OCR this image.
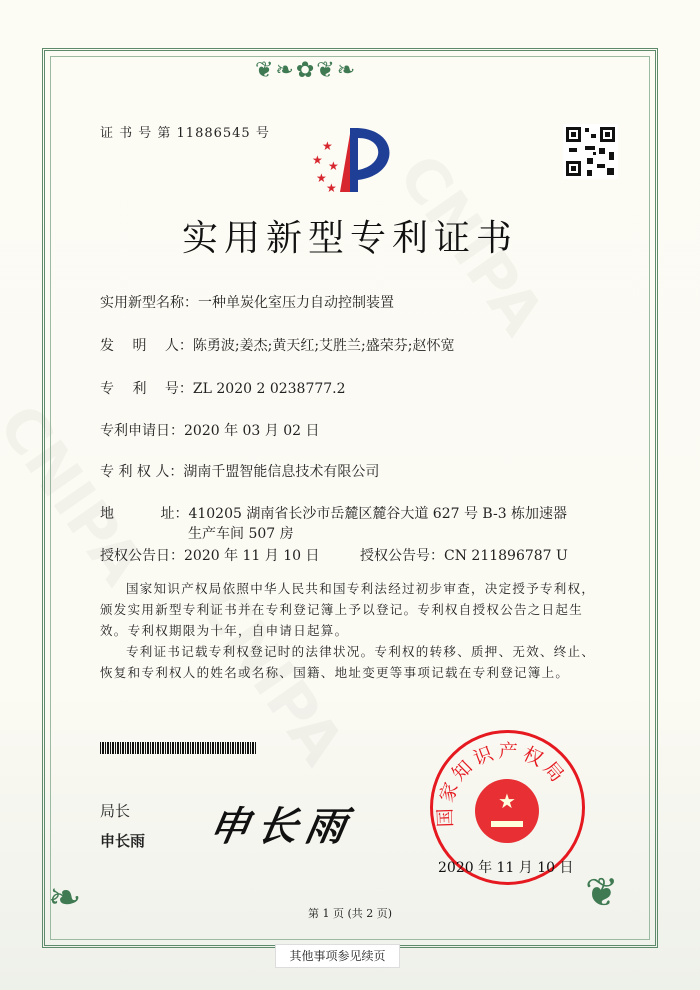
❦❧✿❦❧
❦
❧
证 书 号 第 11886545 号
★
★ ★
★
★
实用新型专利证书
实用新型名称：一种单炭化室压力自动控制装置
发　 明　 人：陈勇波;姜杰;黄天红;艾胜兰;盛荣芬;赵怀宽
专　 利　 号：ZL 2020 2 0238777.2
专利申请日：2020 年 03 月 02 日
专 利 权 人：湖南千盟智能信息技术有限公司
地　　　 址：410205 湖南省长沙市岳麓区麓谷大道 627 号 B-3 栋加速器
生产车间 507 房
授权公告日：2020 年 11 月 10 日	授权公告号：CN 211896787 U
国家知识产权局依照中华人民共和国专利法经过初步审查，决定授予专利权，颁发实用新型专利证书并在专利登记簿上予以登记。专利权自授权公告之日起生效。专利权期限为十年，自申请日起算。
专利证书记载专利权登记时的法律状况。专利权的转移、质押、无效、终止、恢复和专利权人的姓名或名称、国籍、地址变更等事项记载在专利登记簿上。
局长
申长雨 申长雨	国家知识产权局
★
2020 年 11 月 10 日
第 1 页 (共 2 页)
其他事项参见续页
